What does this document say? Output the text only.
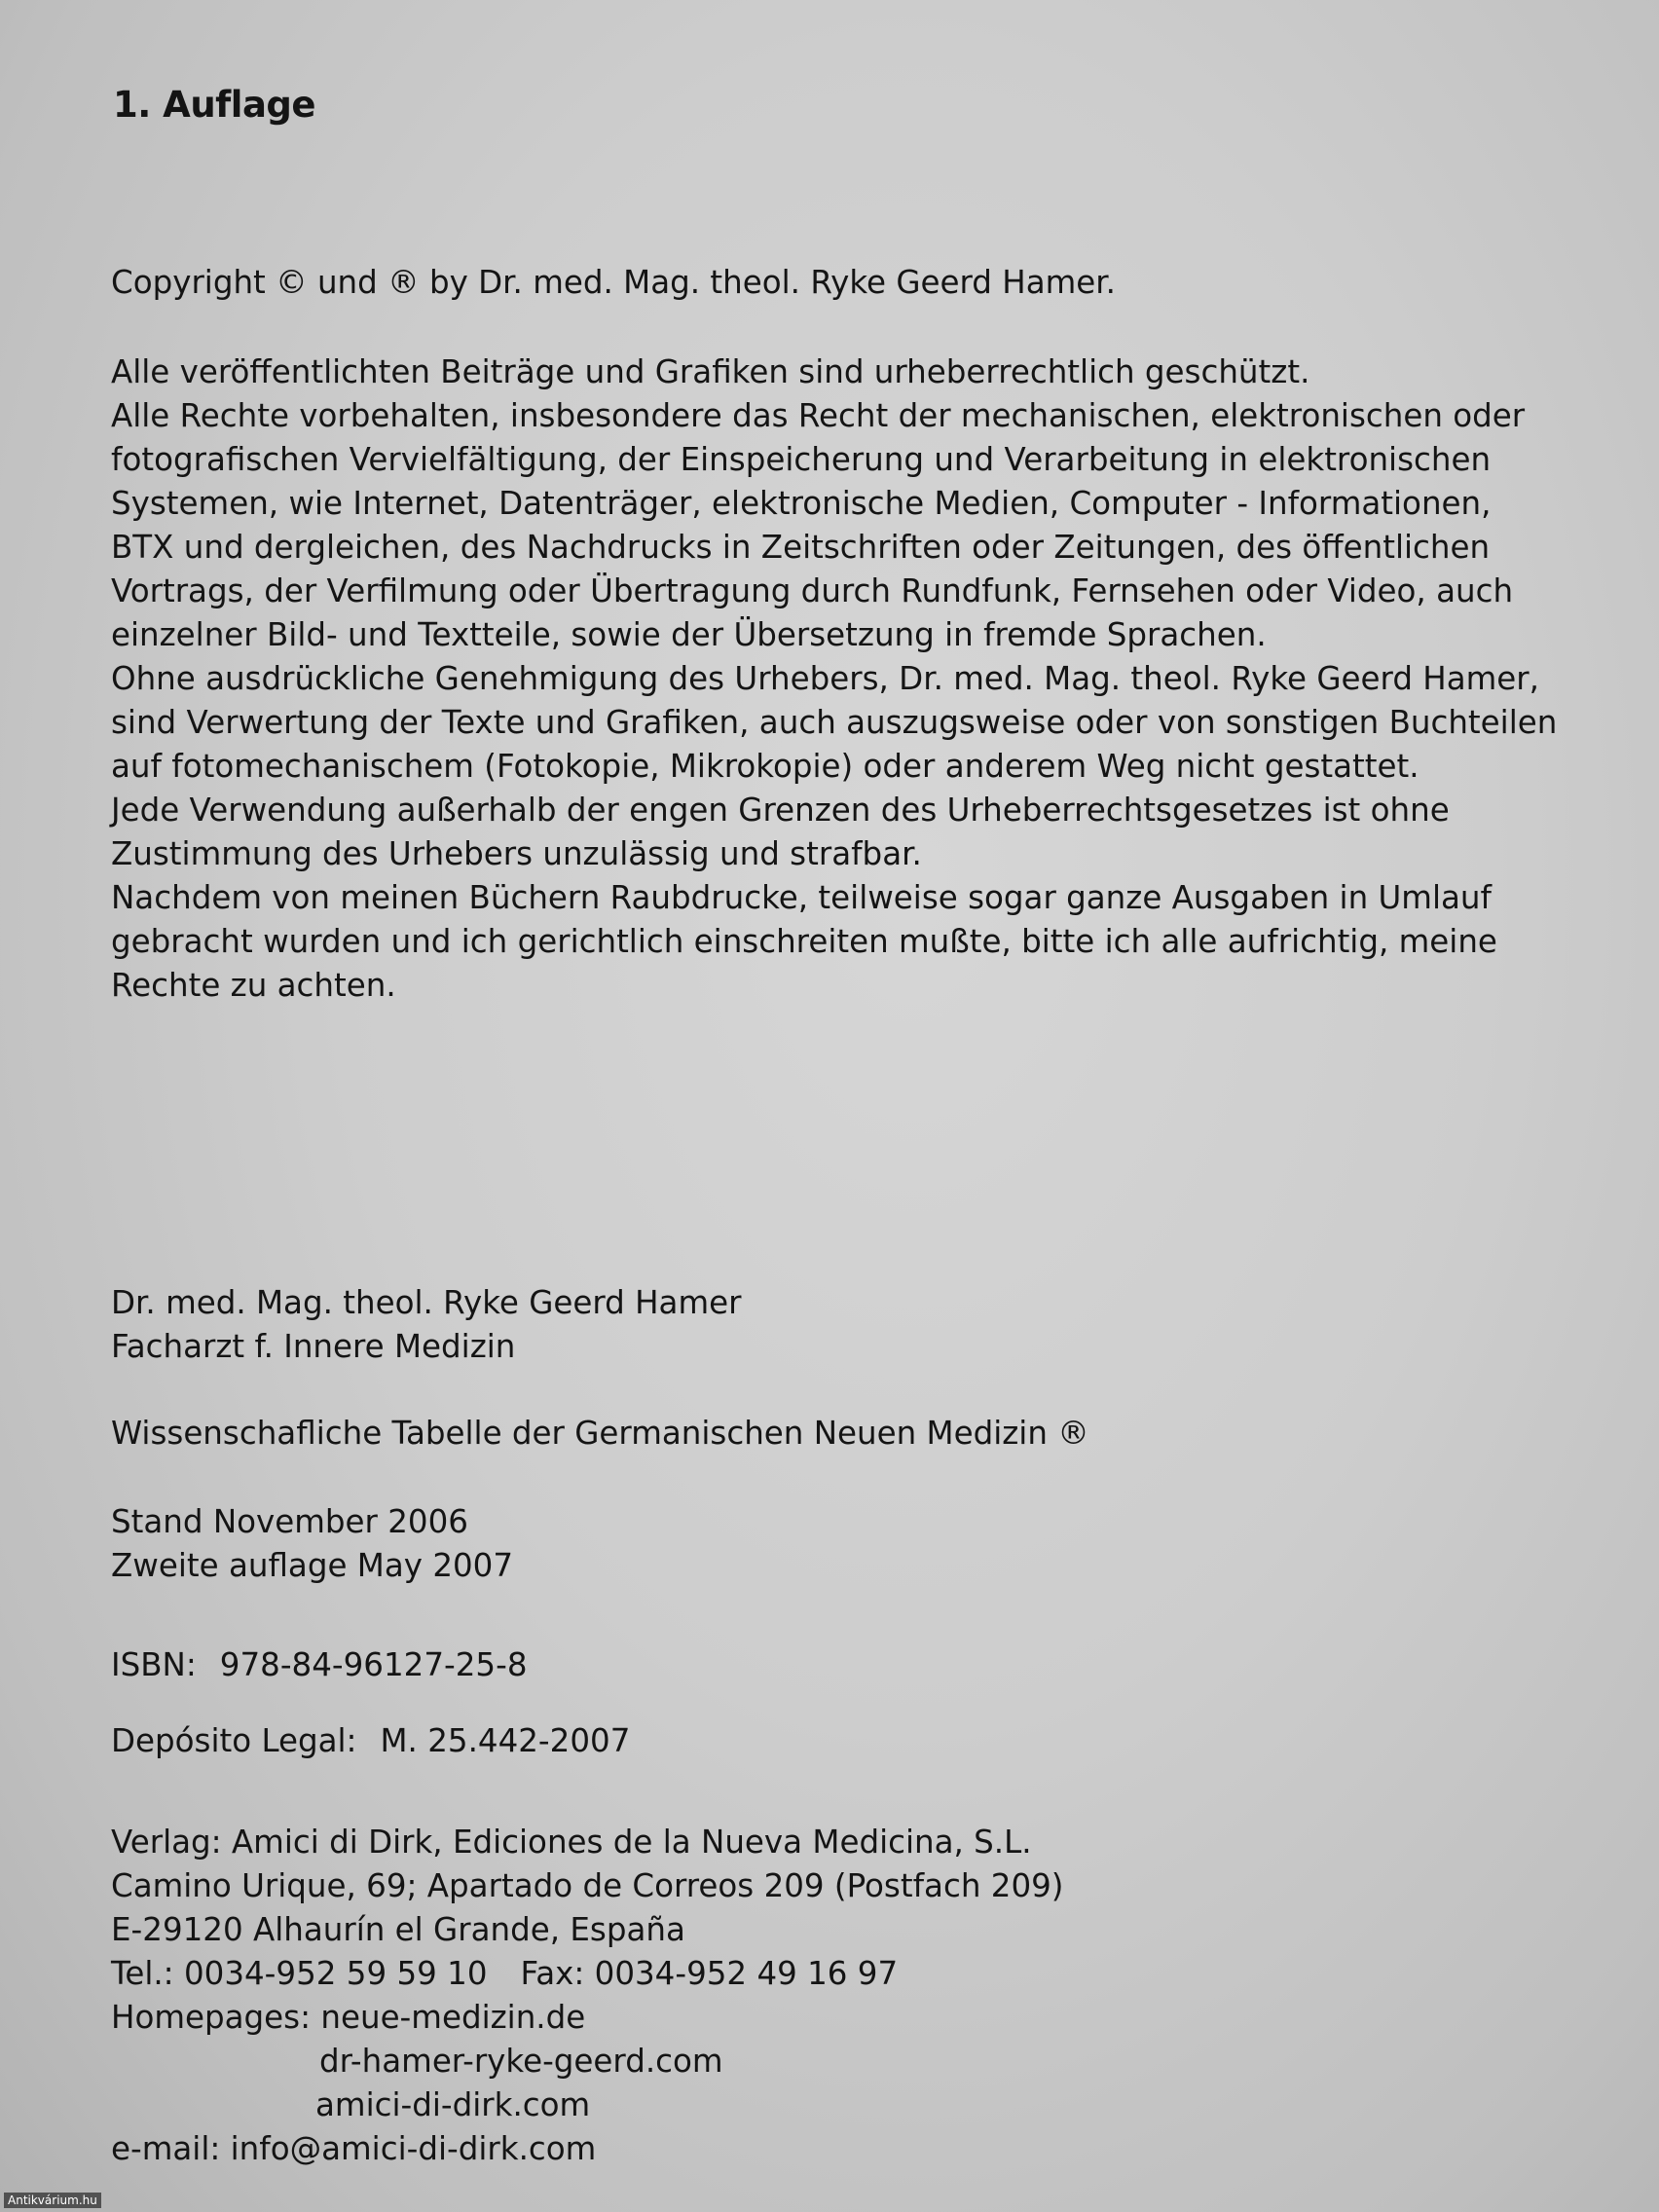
1. Auflage

Copyright © und ® by Dr. med. Mag. theol. Ryke Geerd Hamer.

Alle veröffentlichten Beiträge und Grafiken sind urheberrechtlich geschützt.
Alle Rechte vorbehalten, insbesondere das Recht der mechanischen, elektronischen oder
fotografischen Vervielfältigung, der Einspeicherung und Verarbeitung in elektronischen
Systemen, wie Internet, Datenträger, elektronische Medien, Computer - Informationen,
BTX und dergleichen, des Nachdrucks in Zeitschriften oder Zeitungen, des öffentlichen
Vortrags, der Verfilmung oder Übertragung durch Rundfunk, Fernsehen oder Video, auch
einzelner Bild- und Textteile, sowie der Übersetzung in fremde Sprachen.
Ohne ausdrückliche Genehmigung des Urhebers, Dr. med. Mag. theol. Ryke Geerd Hamer,
sind Verwertung der Texte und Grafiken, auch auszugsweise oder von sonstigen Buchteilen
auf fotomechanischem (Fotokopie, Mikrokopie) oder anderem Weg nicht gestattet.
Jede Verwendung außerhalb der engen Grenzen des Urheberrechtsgesetzes ist ohne
Zustimmung des Urhebers unzulässig und strafbar.
Nachdem von meinen Büchern Raubdrucke, teilweise sogar ganze Ausgaben in Umlauf
gebracht wurden und ich gerichtlich einschreiten mußte, bitte ich alle aufrichtig, meine
Rechte zu achten.
Dr. med. Mag. theol. Ryke Geerd Hamer
Facharzt f. Innere Medizin

Wissenschafliche Tabelle der Germanischen Neuen Medizin ®

Stand November 2006
Zweite auflage May 2007

ISBN: 978-84-96127-25-8

Depósito Legal: M. 25.442-2007

Verlag: Amici di Dirk, Ediciones de la Nueva Medicina, S.L.
Camino Urique, 69; Apartado de Correos 209 (Postfach 209)
E-29120 Alhaurín el Grande, España
Tel.: 0034-952 59 59 10 Fax: 0034-952 49 16 97
Homepages: neue-medizin.de
dr-hamer-ryke-geerd.com
amici-di-dirk.com
e-mail: info@amici-di-dirk.com
Antikvárium.hu
